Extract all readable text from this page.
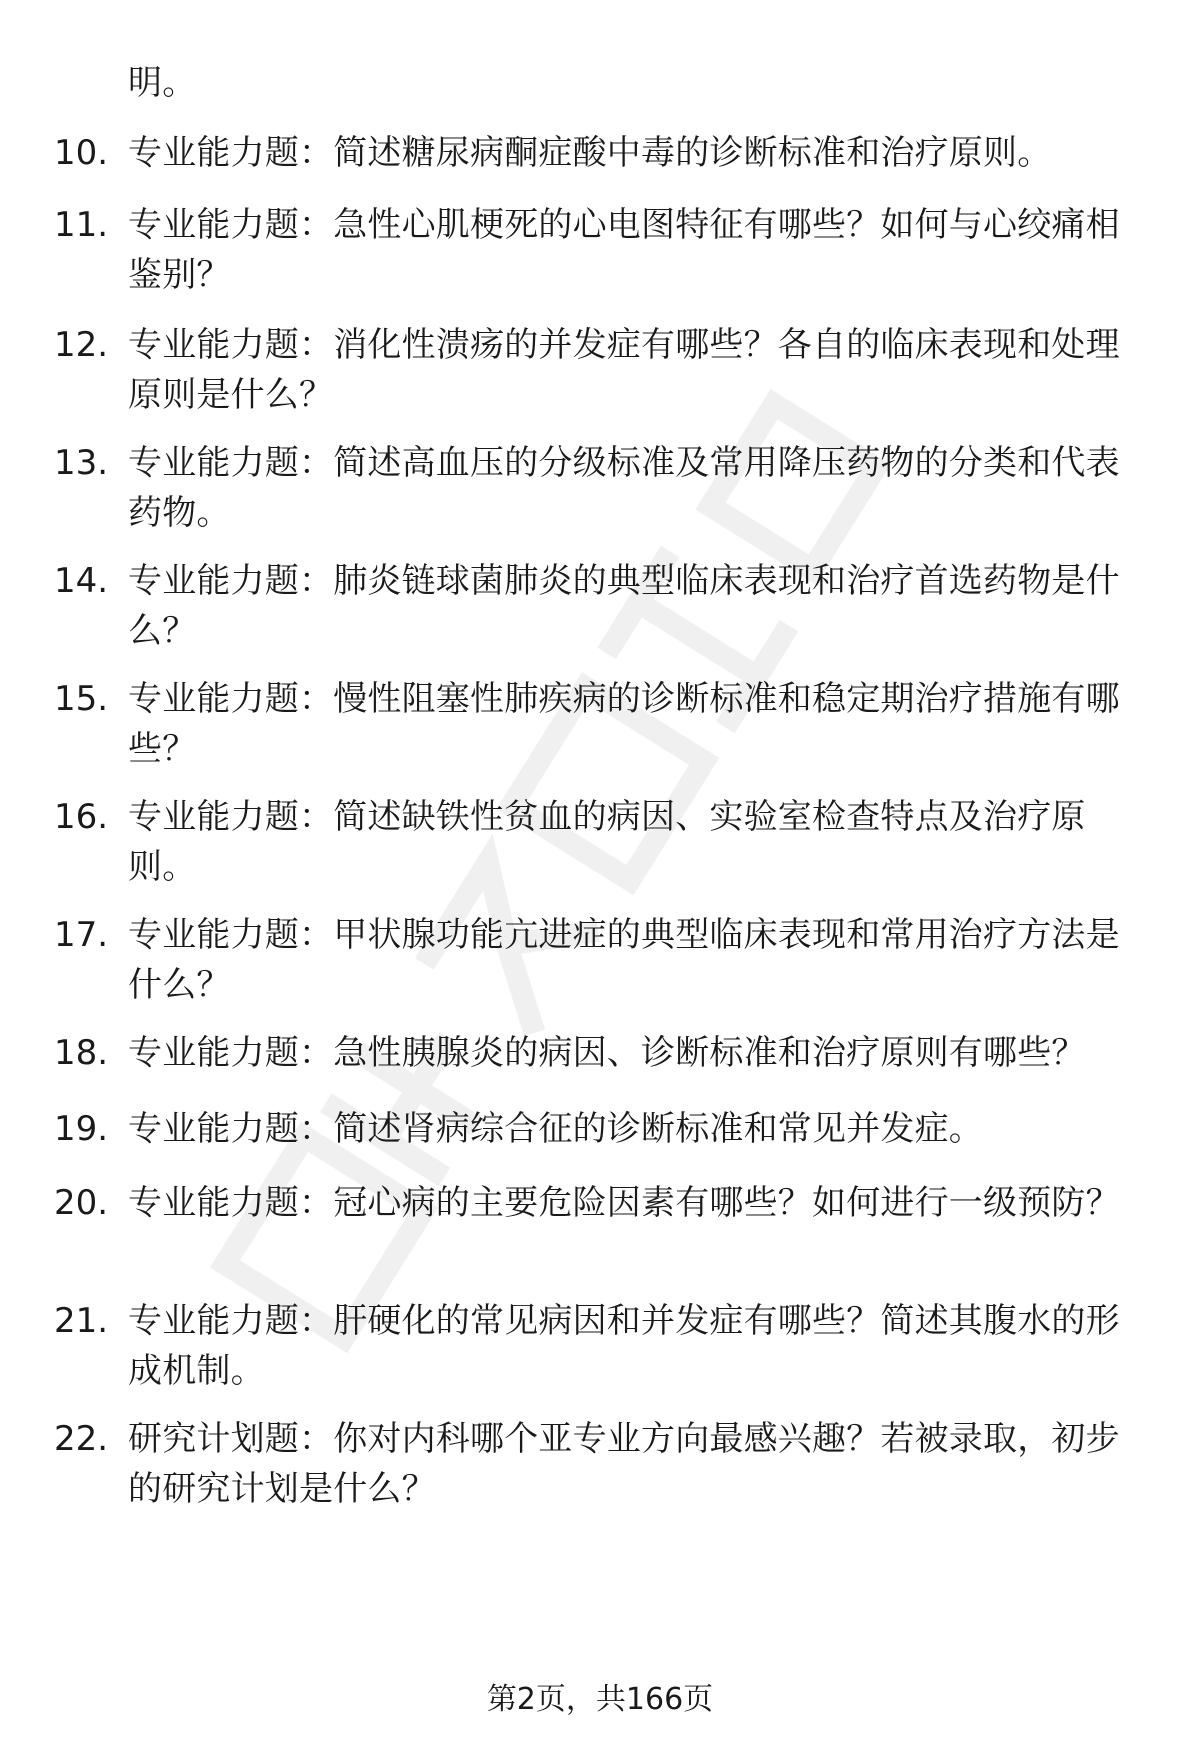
明。
10. 专业能力题：简述糖尿病酮症酸中毒的诊断标准和治疗原则。
11. 专业能力题：急性心肌梗死的心电图特征有哪些？如何与心绞痛相鉴别？
12. 专业能力题：消化性溃疡的并发症有哪些？各自的临床表现和处理原则是什么？
13. 专业能力题：简述高血压的分级标准及常用降压药物的分类和代表药物。
14. 专业能力题：肺炎链球菌肺炎的典型临床表现和治疗首选药物是什么？
15. 专业能力题：慢性阻塞性肺疾病的诊断标准和稳定期治疗措施有哪些？
16. 专业能力题：简述缺铁性贫血的病因、实验室检查特点及治疗原则。
17. 专业能力题：甲状腺功能亢进症的典型临床表现和常用治疗方法是什么？
18. 专业能力题：急性胰腺炎的病因、诊断标准和治疗原则有哪些？
19. 专业能力题：简述肾病综合征的诊断标准和常见并发症。
20. 专业能力题：冠心病的主要危险因素有哪些？如何进行一级预防？
21. 专业能力题：肝硬化的常见病因和并发症有哪些？简述其腹水的形成机制。
22. 研究计划题：你对内科哪个亚专业方向最感兴趣？若被录取，初步的研究计划是什么？
第2页，共166页
